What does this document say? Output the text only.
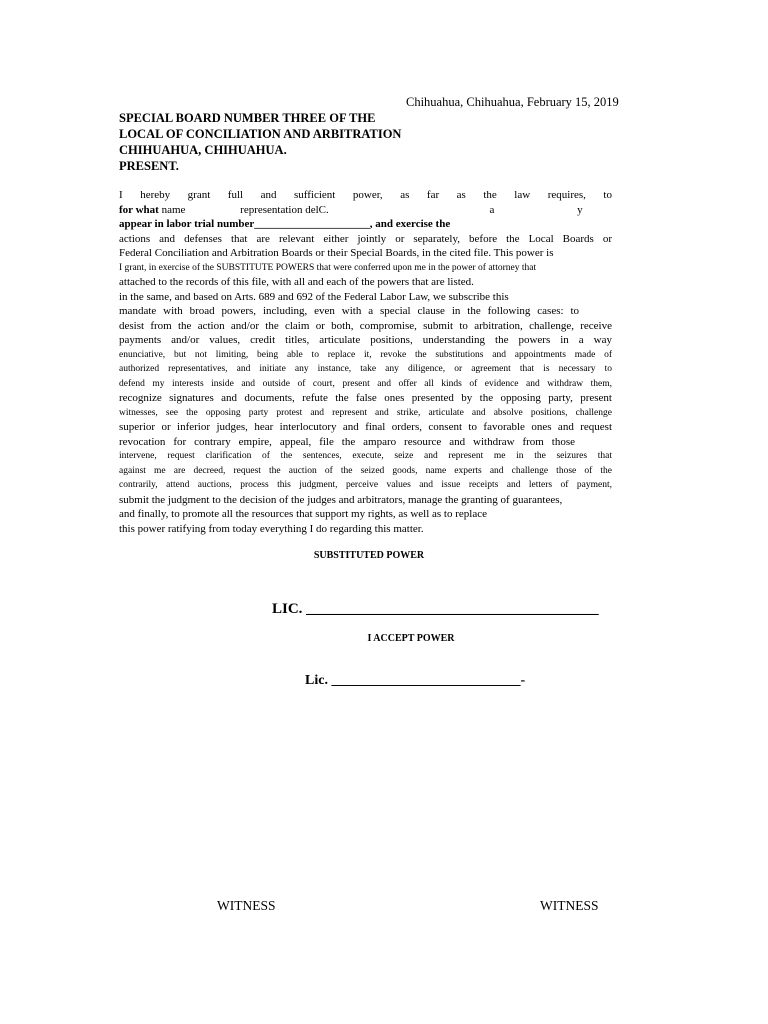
Chihuahua, Chihuahua, February 15, 2019
SPECIAL BOARD NUMBER THREE OF THE
LOCAL OF CONCILIATION AND ARBITRATION
CHIHUAHUA, CHIHUAHUA.
PRESENT.
I hereby grant full and sufficient power, as far as the law requires, to
for what name	representation delC.	a	y
appear in labor trial number_____________________, and exercise the
actions and defenses that are relevant either jointly or separately, before the Local Boards or
Federal Conciliation and Arbitration Boards or their Special Boards, in the cited file. This power is
I grant, in exercise of the SUBSTITUTE POWERS that were conferred upon me in the power of attorney that
attached to the records of this file, with all and each of the powers that are listed.
in the same, and based on Arts. 689 and 692 of the Federal Labor Law, we subscribe this
mandate with broad powers, including, even with a special clause in the following cases: to
desist from the action and/or the claim or both, compromise, submit to arbitration, challenge, receive
payments and/or values, credit titles, articulate positions, understanding the powers in a way
enunciative, but not limiting, being able to replace it, revoke the substitutions and appointments made of
authorized representatives, and initiate any instance, take any diligence, or agreement that is necessary to
defend my interests inside and outside of court, present and offer all kinds of evidence and withdraw them,
recognize signatures and documents, refute the false ones presented by the opposing party, present
witnesses, see the opposing party protest and represent and strike, articulate and absolve positions, challenge
superior or inferior judges, hear interlocutory and final orders, consent to favorable ones and request
revocation for contrary empire, appeal, file the amparo resource and withdraw from those
intervene, request clarification of the sentences, execute, seize and represent me in the seizures that
against me are decreed, request the auction of the seized goods, name experts and challenge those of the
contrarily, attend auctions, process this judgment, perceive values and issue receipts and letters of payment,
submit the judgment to the decision of the judges and arbitrators, manage the granting of guarantees,
and finally, to promote all the resources that support my rights, as well as to replace
this power ratifying from today everything I do regarding this matter.
SUBSTITUTED POWER
LIC. _______________________________________
I ACCEPT POWER
Lic. ___________________________-
WITNESS	WITNESS
